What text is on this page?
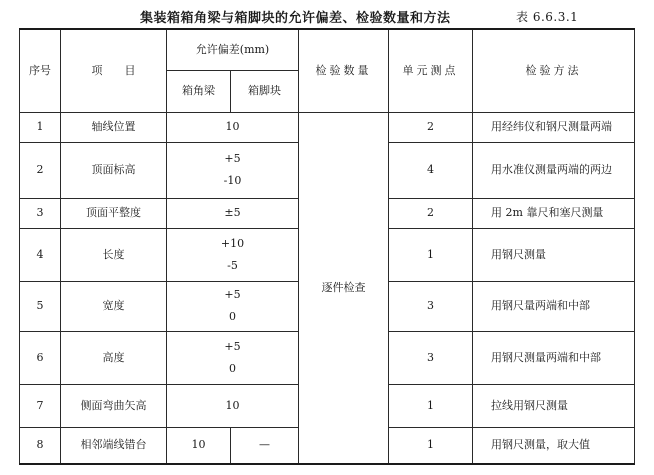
集装箱箱角梁与箱脚块的允许偏差、检验数量和方法	表 6.6.3.1
序号	项　　目	允许偏差(mm)		检验数量	单元测点	检验方法
		箱角梁	箱脚块			
1	轴线位置	10		逐件检查	2	用经纬仪和钢尺测量两端
2	顶面标高	+5
-10			4	用水准仪测量两端的两边
3	顶面平整度	±5			2	用 2m 靠尺和塞尺测量
4	长度	+10
-5			1	用钢尺测量
5	宽度	+5
0			3	用钢尺量两端和中部
6	高度	+5
0			3	用钢尺测量两端和中部
7	侧面弯曲矢高	10			1	拉线用钢尺测量
8	相邻端线错台	10	—		1	用钢尺测量，取大值
